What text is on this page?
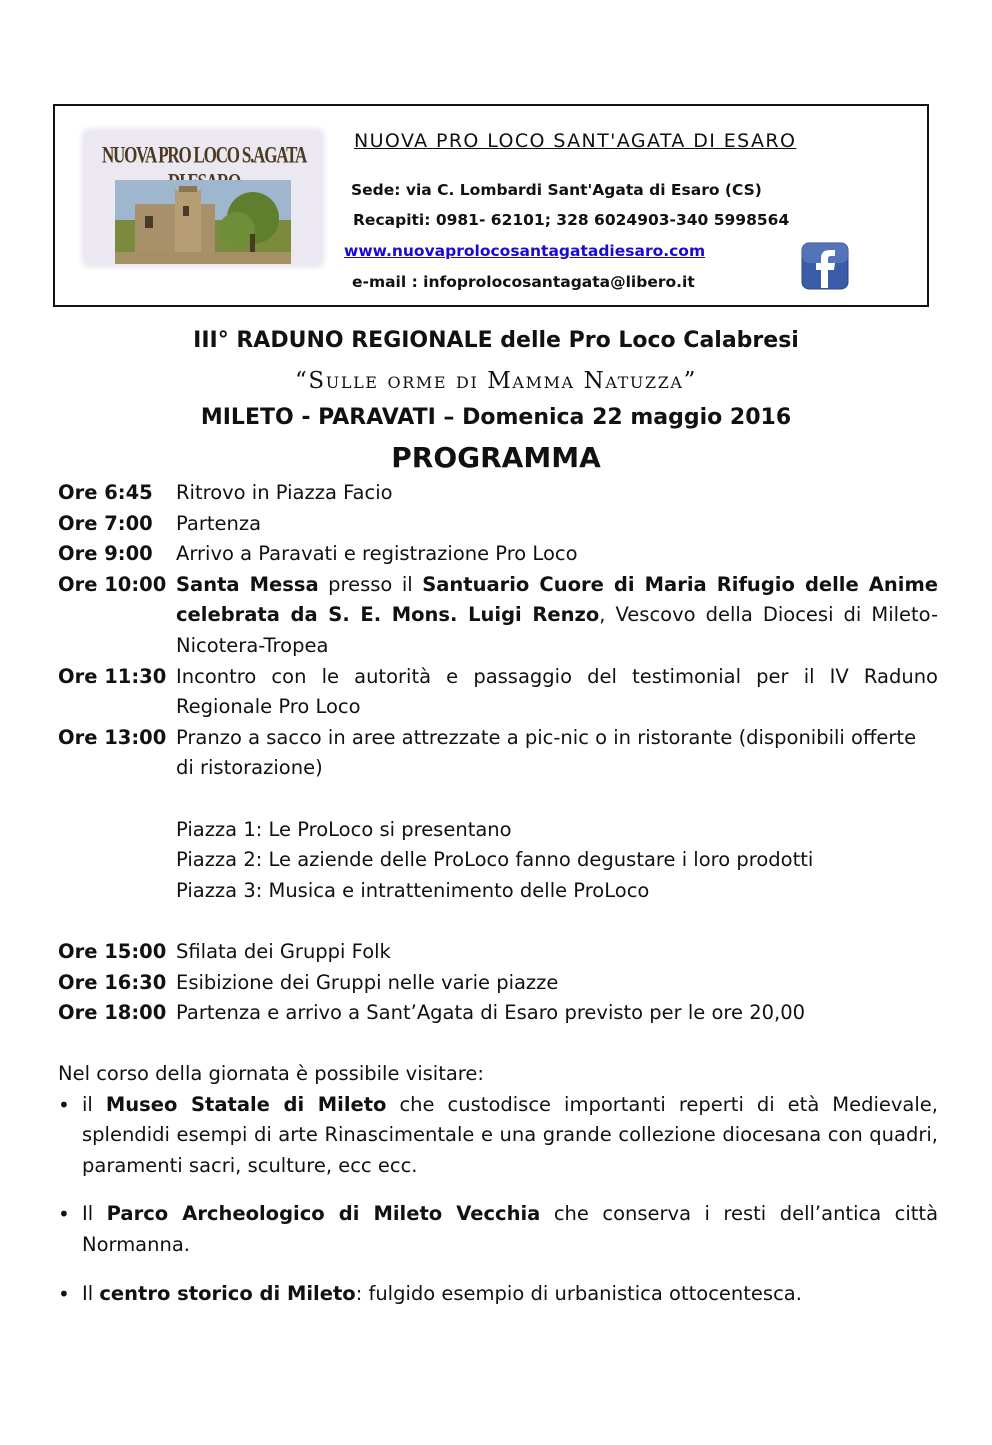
NUOVA PRO LOCO S.AGATA
NUOVA PRO LOCO SANT'AGATA DI ESARO
Sede: via C. Lombardi Sant'Agata di Esaro (CS)
Recapiti: 0981- 62101; 328 6024903-340 5998564
www.nuovaprolocosantagatadiesaro.com
e-mail : infoprolocosantagata@libero.it
III° RADUNO REGIONALE delle Pro Loco Calabresi
“Sulle orme di Mamma Natuzza”
MILETO - PARAVATI – Domenica 22 maggio 2016
PROGRAMMA
Ore 6:45	Ritrovo in Piazza Facio
Ore 7:00	Partenza
Ore 9:00	Arrivo a Paravati e registrazione Pro Loco
Ore 10:00 Santa Messa presso il Santuario Cuore di Maria Rifugio delle Anime celebrata da S. E. Mons. Luigi Renzo, Vescovo della Diocesi di Mileto-Nicotera-Tropea
Ore 11:30 Incontro con le autorità e passaggio del testimonial per il IV Raduno Regionale Pro Loco
Ore 13:00 Pranzo a sacco in aree attrezzate a pic-nic o in ristorante (disponibili offerte di ristorazione)
Piazza 1: Le ProLoco si presentano
Piazza 2: Le aziende delle ProLoco fanno degustare i loro prodotti
Piazza 3: Musica e intrattenimento delle ProLoco
Ore 15:00 Sfilata dei Gruppi Folk
Ore 16:30 Esibizione dei Gruppi nelle varie piazze
Ore 18:00 Partenza e arrivo a Sant’Agata di Esaro previsto per le ore 20,00
Nel corso della giornata è possibile visitare:
• il Museo Statale di Mileto che custodisce importanti reperti di età Medievale, splendidi esempi di arte Rinascimentale e una grande collezione diocesana con quadri, paramenti sacri, sculture, ecc ecc.
• Il Parco Archeologico di Mileto Vecchia che conserva i resti dell’antica città Normanna.
• Il centro storico di Mileto: fulgido esempio di urbanistica ottocentesca.
